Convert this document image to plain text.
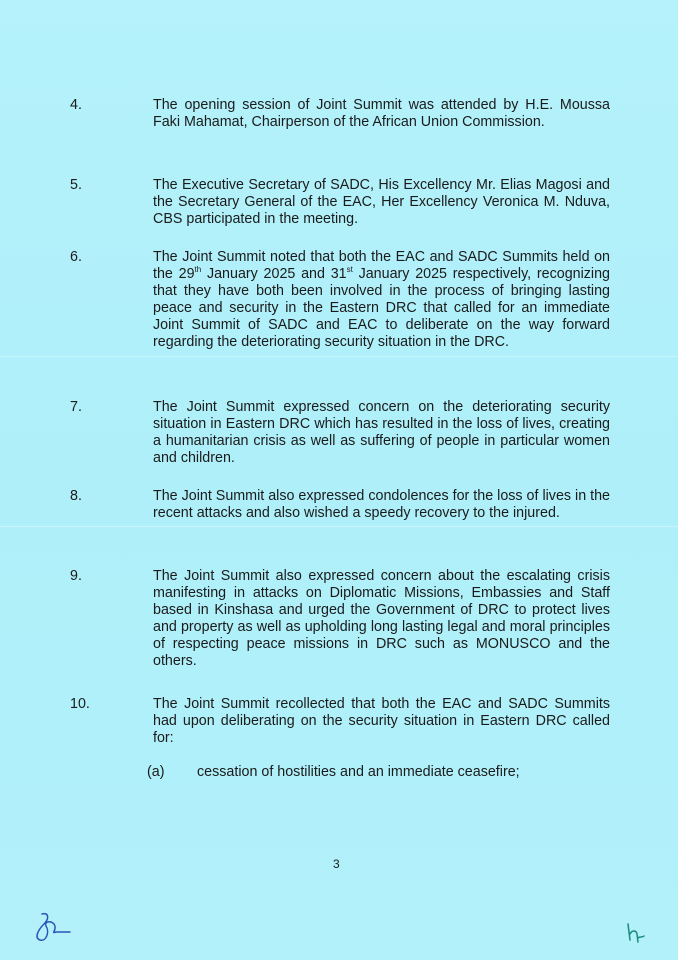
4.	The opening session of Joint Summit was attended by H.E. Moussa Faki Mahamat, Chairperson of the African Union Commission.
5.	The Executive Secretary of SADC, His Excellency Mr. Elias Magosi and the Secretary General of the EAC, Her Excellency Veronica M. Nduva, CBS participated in the meeting.
6.	The Joint Summit noted that both the EAC and SADC Summits held on the 29th January 2025 and 31st January 2025 respectively, recognizing that they have both been involved in the process of bringing lasting peace and security in the Eastern DRC that called for an immediate Joint Summit of SADC and EAC to deliberate on the way forward regarding the deteriorating security situation in the DRC.
7.	The Joint Summit expressed concern on the deteriorating security situation in Eastern DRC which has resulted in the loss of lives, creating a humanitarian crisis as well as suffering of people in particular women and children.
8.	The Joint Summit also expressed condolences for the loss of lives in the recent attacks and also wished a speedy recovery to the injured.
9.	The Joint Summit also expressed concern about the escalating crisis manifesting in attacks on Diplomatic Missions, Embassies and Staff based in Kinshasa and urged the Government of DRC to protect lives and property as well as upholding long lasting legal and moral principles of respecting peace missions in DRC such as MONUSCO and the others.
10.	The Joint Summit recollected that both the EAC and SADC Summits had upon deliberating on the security situation in Eastern DRC called for:
(a) cessation of hostilities and an immediate ceasefire;
3
